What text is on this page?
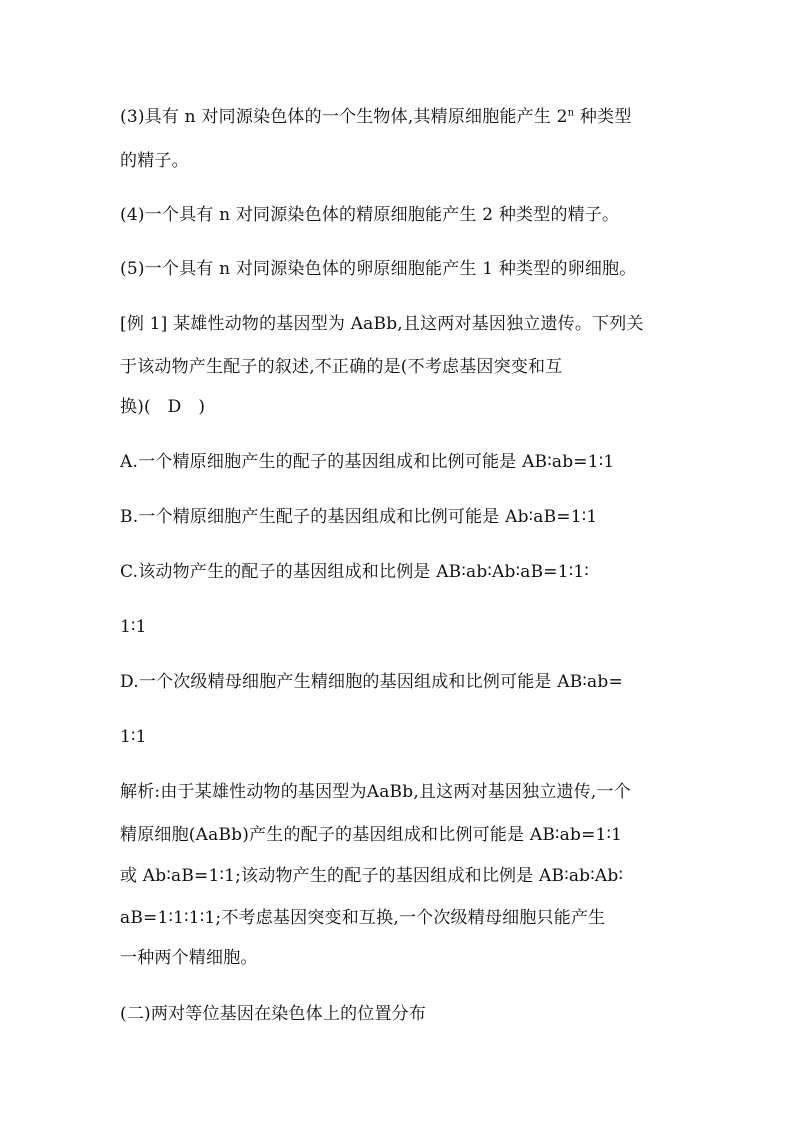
(3)具有 n 对同源染色体的一个生物体,其精原细胞能产生 2$^n$ 种类型
的精子。
(4)一个具有 n 对同源染色体的精原细胞能产生 2 种类型的精子。
(5)一个具有 n 对同源染色体的卵原细胞能产生 1 种类型的卵细胞。
[例 1] 某雄性动物的基因型为 AaBb,且这两对基因独立遗传。下列关
于该动物产生配子的叙述,不正确的是(不考虑基因突变和互
换)(   D   )
A.一个精原细胞产生的配子的基因组成和比例可能是 AB∶ab=1∶1
B.一个精原细胞产生配子的基因组成和比例可能是 Ab∶aB=1∶1
C.该动物产生的配子的基因组成和比例是 AB∶ab∶Ab∶aB=1∶1∶
1∶1
D.一个次级精母细胞产生精细胞的基因组成和比例可能是 AB∶ab=
1∶1
解析:由于某雄性动物的基因型为AaBb,且这两对基因独立遗传,一个
精原细胞(AaBb)产生的配子的基因组成和比例可能是 AB∶ab=1∶1
或 Ab∶aB=1∶1;该动物产生的配子的基因组成和比例是 AB∶ab∶Ab∶
aB=1∶1∶1∶1;不考虑基因突变和互换,一个次级精母细胞只能产生
一种两个精细胞。
(二)两对等位基因在染色体上的位置分布
